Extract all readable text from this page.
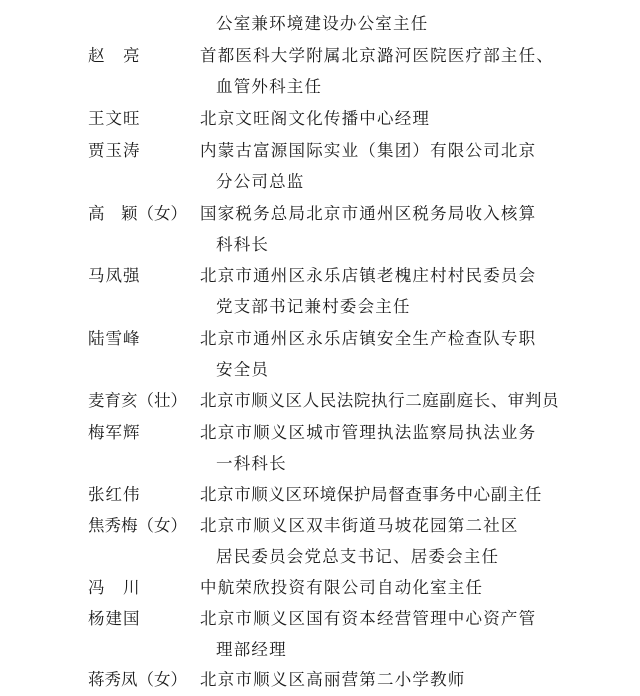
公室兼环境建设办公室主任
赵　亮	首都医科大学附属北京潞河医院医疗部主任、
血管外科主任
王文旺	北京文旺阁文化传播中心经理
贾玉涛	内蒙古富源国际实业（集团）有限公司北京
分公司总监
高　颖（女） 国家税务总局北京市通州区税务局收入核算
科科长
马凤强	北京市通州区永乐店镇老槐庄村村民委员会
党支部书记兼村委会主任
陆雪峰	北京市通州区永乐店镇安全生产检查队专职
安全员
麦育亥（壮） 北京市顺义区人民法院执行二庭副庭长、审判员
梅军辉	北京市顺义区城市管理执法监察局执法业务
一科科长
张红伟	北京市顺义区环境保护局督查事务中心副主任
焦秀梅（女） 北京市顺义区双丰街道马坡花园第二社区
居民委员会党总支书记、居委会主任
冯　川	中航荣欣投资有限公司自动化室主任
杨建国	北京市顺义区国有资本经营管理中心资产管
理部经理
蒋秀凤（女） 北京市顺义区高丽营第二小学教师
